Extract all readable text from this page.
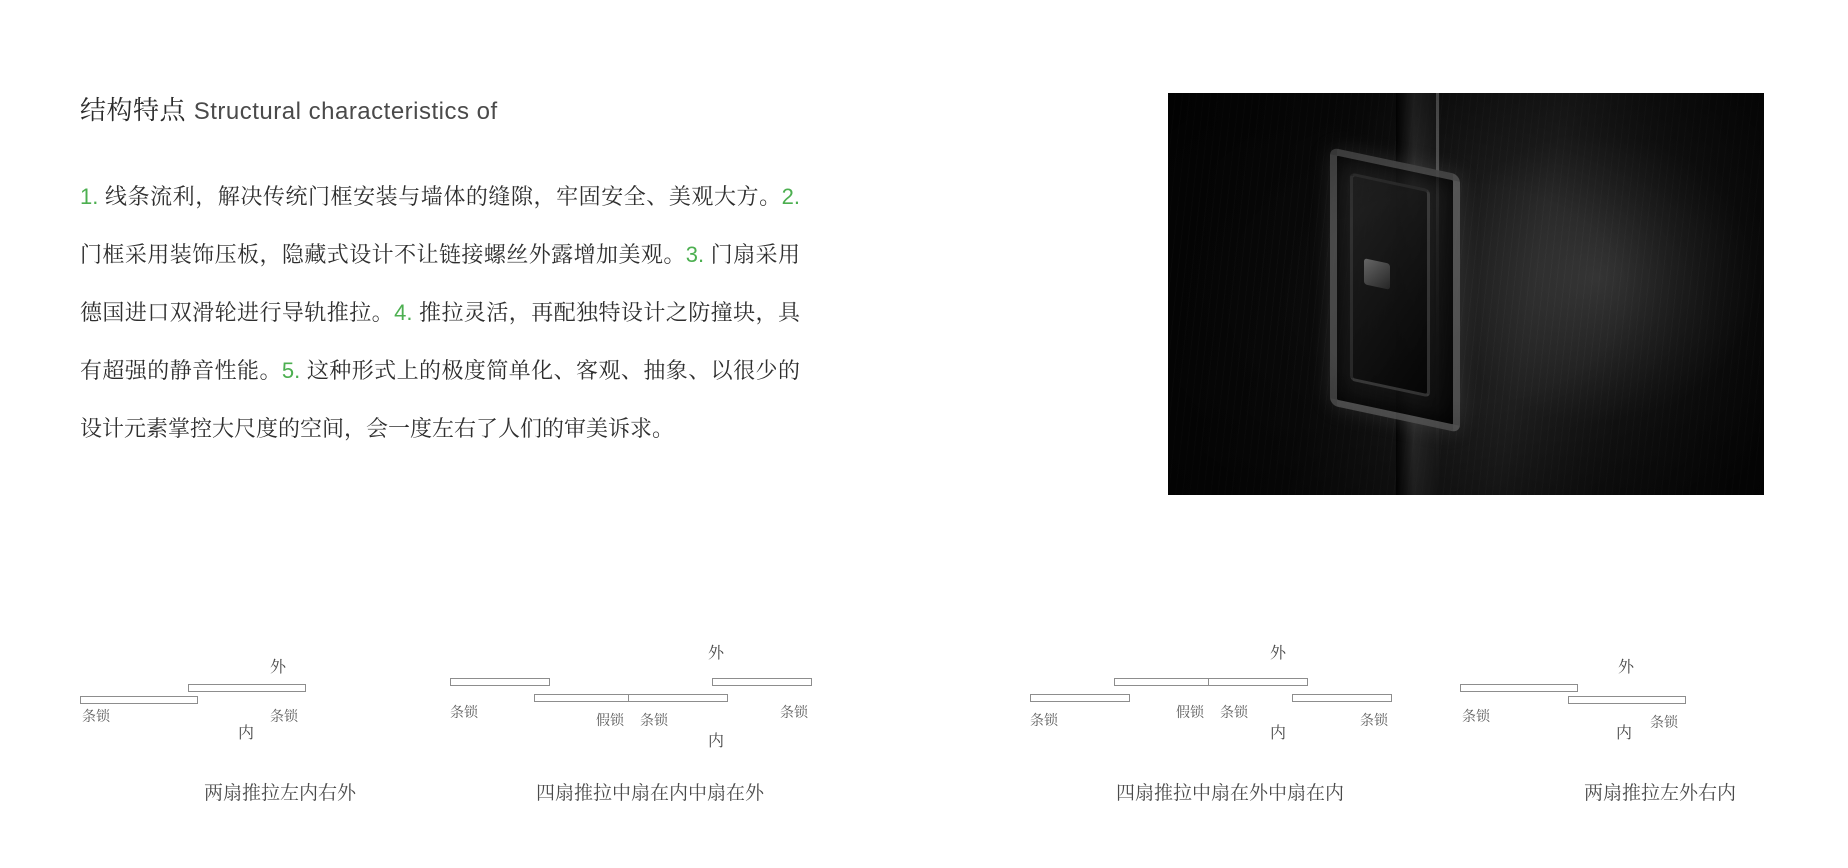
结构特点 Structural characteristics of
1. 线条流利，解决传统门框安装与墙体的缝隙，牢固安全、美观大方。2. 门框采用装饰压板，隐藏式设计不让链接螺丝外露增加美观。3. 门扇采用德国进口双滑轮进行导轨推拉。4. 推拉灵活，再配独特设计之防撞块，具有超强的静音性能。5. 这种形式上的极度简单化、客观、抽象、以很少的设计元素掌控大尺度的空间，会一度左右了人们的审美诉求。
条锁	条锁
外
内
两扇推拉左内右外
条锁	假锁 条锁	条锁
外
内
四扇推拉中扇在内中扇在外
条锁	假锁 条锁	条锁
外
内
四扇推拉中扇在外中扇在内
条锁	条锁
外
内
两扇推拉左外右内
